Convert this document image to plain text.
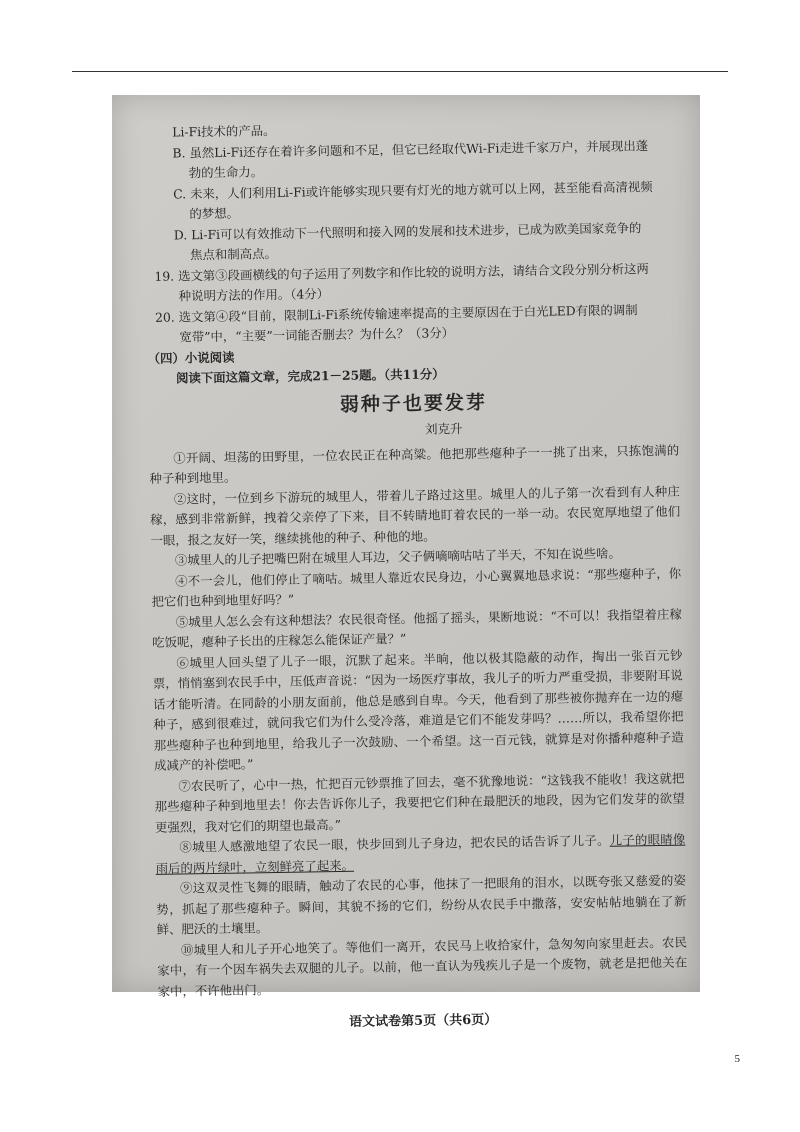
Li-Fi技术的产品。
B. 虽然Li-Fi还存在着许多问题和不足，但它已经取代Wi-Fi走进千家万户，并展现出蓬
勃的生命力。
C. 未来，人们利用Li-Fi或许能够实现只要有灯光的地方就可以上网，甚至能看高清视频
的梦想。
D. Li-Fi可以有效推动下一代照明和接入网的发展和技术进步，已成为欧美国家竞争的
焦点和制高点。
19. 选文第③段画横线的句子运用了列数字和作比较的说明方法，请结合文段分别分析这两
种说明方法的作用。（4分）
20. 选文第④段“目前，限制Li-Fi系统传输速率提高的主要原因在于白光LED有限的调制
宽带”中，“主要”一词能否删去？为什么？（3分）
（四）小说阅读
阅读下面这篇文章，完成21－25题。（共11分）
弱种子也要发芽
刘克升

①开阔、坦荡的田野里，一位农民正在种高粱。他把那些瘪种子一一挑了出来，只拣饱满的种子种到地里。

②这时，一位到乡下游玩的城里人，带着儿子路过这里。城里人的儿子第一次看到有人种庄稼，感到非常新鲜，拽着父亲停了下来，目不转睛地盯着农民的一举一动。农民宽厚地望了他们一眼，报之友好一笑，继续挑他的种子、种他的地。

③城里人的儿子把嘴巴附在城里人耳边，父子俩嘀嘀咕咕了半天，不知在说些啥。

④不一会儿，他们停止了嘀咕。城里人靠近农民身边，小心翼翼地恳求说：“那些瘪种子，你把它们也种到地里好吗？”

⑤城里人怎么会有这种想法？农民很奇怪。他摇了摇头，果断地说：“不可以！我指望着庄稼吃饭呢，瘪种子长出的庄稼怎么能保证产量？”

⑥城里人回头望了儿子一眼，沉默了起来。半晌，他以极其隐蔽的动作，掏出一张百元钞票，悄悄塞到农民手中，压低声音说：“因为一场医疗事故，我儿子的听力严重受损，非要附耳说话才能听清。在同龄的小朋友面前，他总是感到自卑。今天，他看到了那些被你抛弃在一边的瘪种子，感到很难过，就问我它们为什么受冷落，难道是它们不能发芽吗？……所以，我希望你把那些瘪种子也种到地里，给我儿子一次鼓励、一个希望。这一百元钱，就算是对你播种瘪种子造成减产的补偿吧。”

⑦农民听了，心中一热，忙把百元钞票推了回去，毫不犹豫地说：“这钱我不能收！我这就把那些瘪种子种到地里去！你去告诉你儿子，我要把它们种在最肥沃的地段，因为它们发芽的欲望更强烈，我对它们的期望也最高。”

⑧城里人感激地望了农民一眼，快步回到儿子身边，把农民的话告诉了儿子。儿子的眼睛像雨后的两片绿叶，立刻鲜亮了起来。

⑨这双灵性飞舞的眼睛，触动了农民的心事，他抹了一把眼角的泪水，以既夸张又慈爱的姿势，抓起了那些瘪种子。瞬间，其貌不扬的它们，纷纷从农民手中撒落，安安帖帖地躺在了新鲜、肥沃的土壤里。

⑩城里人和儿子开心地笑了。等他们一离开，农民马上收拾家什，急匆匆向家里赶去。农民家中，有一个因车祸失去双腿的儿子。以前，他一直认为残疾儿子是一个废物，就老是把他关在家中，不许他出门。

语文试卷第5页（共6页）
5
